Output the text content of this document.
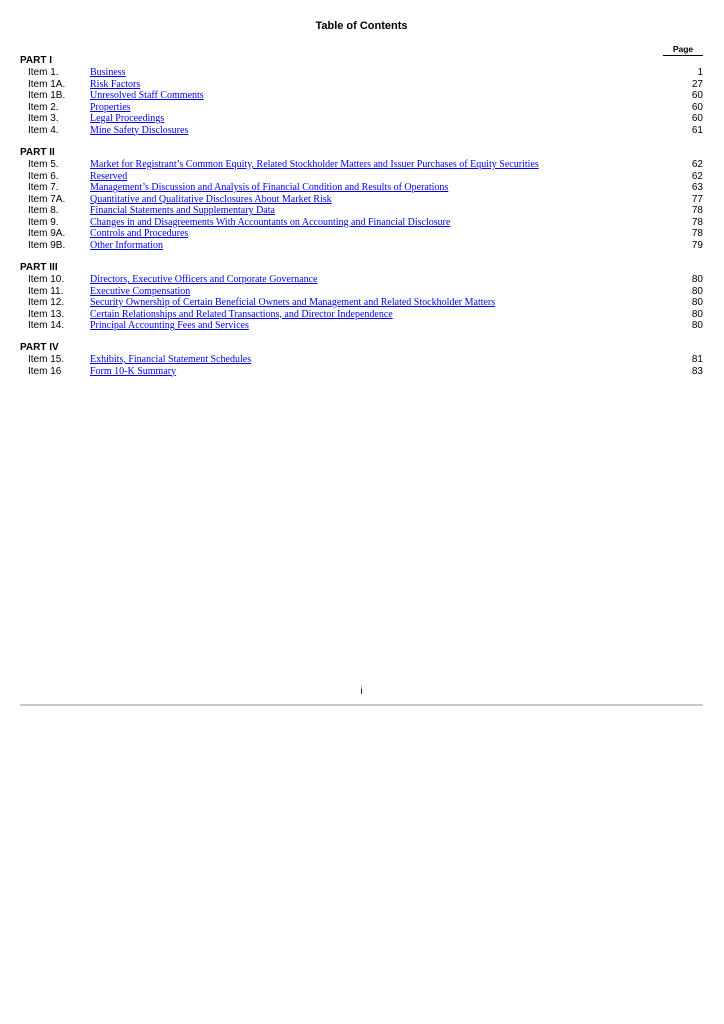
Table of Contents
Page
PART I
Item 1.	Business	1
Item 1A. Risk Factors	27
Item 1B. Unresolved Staff Comments	60
Item 2.	Properties	60
Item 3.	Legal Proceedings	60
Item 4.	Mine Safety Disclosures	61
PART II
Item 5.	Market for Registrant’s Common Equity, Related Stockholder Matters and Issuer Purchases of Equity Securities	62
Item 6.	Reserved	62
Item 7.	Management’s Discussion and Analysis of Financial Condition and Results of Operations	63
Item 7A. Quantitative and Qualitative Disclosures About Market Risk	77
Item 8.	Financial Statements and Supplementary Data	78
Item 9.	Changes in and Disagreements With Accountants on Accounting and Financial Disclosure	78
Item 9A. Controls and Procedures	78
Item 9B. Other Information	79
PART III
Item 10.	Directors, Executive Officers and Corporate Governance	80
Item 11.	Executive Compensation	80
Item 12.	Security Ownership of Certain Beneficial Owners and Management and Related Stockholder Matters	80
Item 13.	Certain Relationships and Related Transactions, and Director Independence	80
Item 14.	Principal Accounting Fees and Services	80
PART IV
Item 15.	Exhibits, Financial Statement Schedules	81
Item 16	Form 10-K Summary	83
i
